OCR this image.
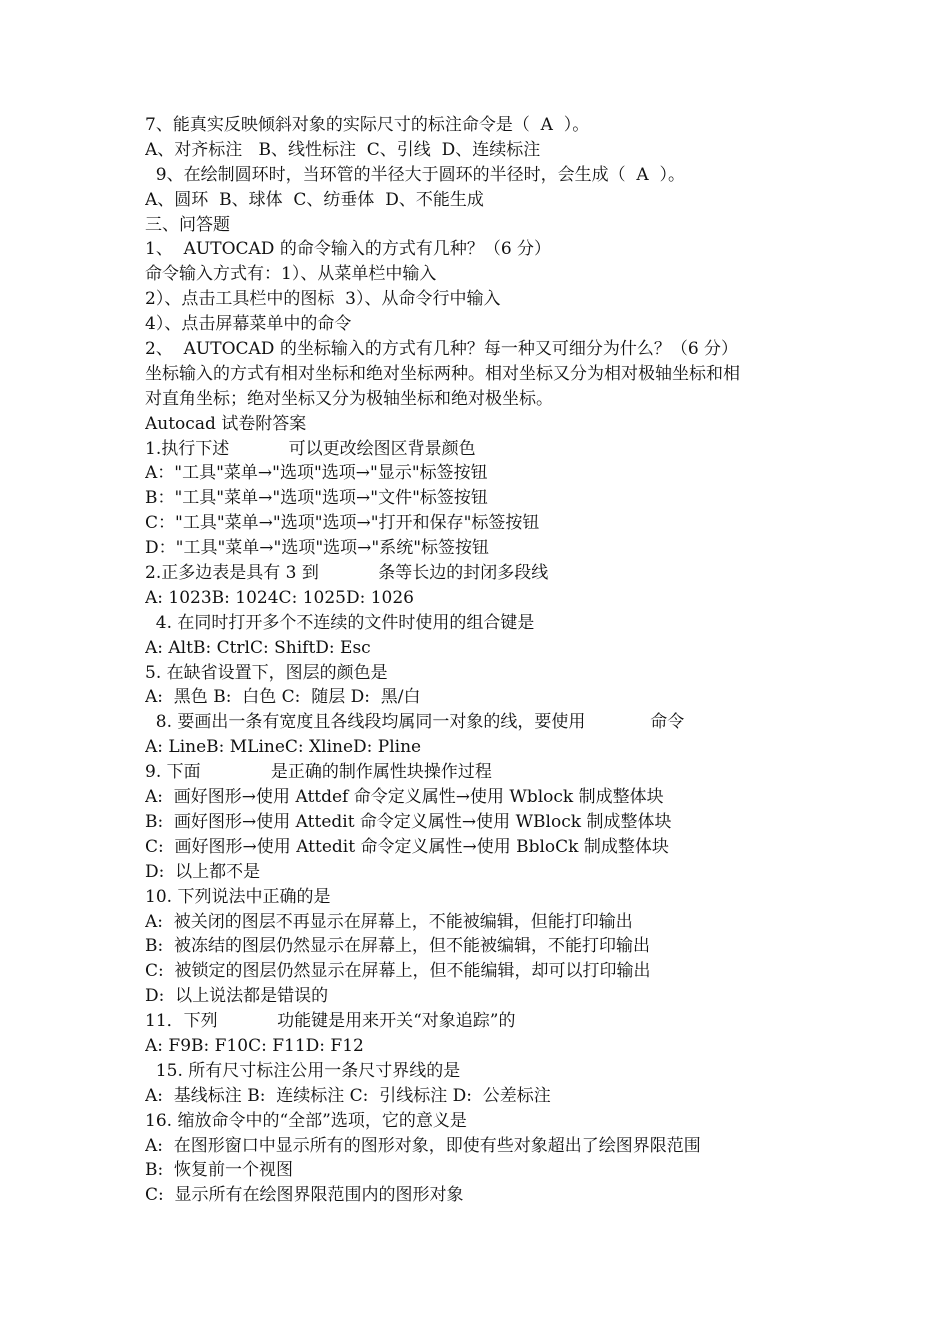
7、能真实反映倾斜对象的实际尺寸的标注命令是（  A  ）。
A、对齐标注   B、线性标注  C、引线  D、连续标注
9、在绘制圆环时，当环管的半径大于圆环的半径时，会生成（  A  ）。
A、圆环  B、球体  C、纺垂体  D、不能生成
三、问答题
1、  AUTOCAD 的命令输入的方式有几种？（6 分）
命令输入方式有：1）、从菜单栏中输入
2）、点击工具栏中的图标  3）、从命令行中输入
4）、点击屏幕菜单中的命令
2、  AUTOCAD 的坐标输入的方式有几种？每一种又可细分为什么？（6 分）
坐标输入的方式有相对坐标和绝对坐标两种。相对坐标又分为相对极轴坐标和相
对直角坐标；绝对坐标又分为极轴坐标和绝对极坐标。
Autocad 试卷附答案
1.执行下述           可以更改绘图区背景颜色
A："工具"菜单→"选项"选项→"显示"标签按钮
B："工具"菜单→"选项"选项→"文件"标签按钮
C："工具"菜单→"选项"选项→"打开和保存"标签按钮
D："工具"菜单→"选项"选项→"系统"标签按钮
2.正多边表是具有 3 到           条等长边的封闭多段线
A: 1023B: 1024C: 1025D: 1026
4. 在同时打开多个不连续的文件时使用的组合键是
A: AltB: CtrlC: ShiftD: Esc
5. 在缺省设置下，图层的颜色是
A:  黑色 B:  白色 C:  随层 D:  黑/白
8. 要画出一条有宽度且各线段均属同一对象的线，要使用            命令
A: LineB: MLineC: XlineD: Pline
9. 下面             是正确的制作属性块操作过程
A:  画好图形→使用 Attdef 命令定义属性→使用 Wblock 制成整体块
B:  画好图形→使用 Attedit 命令定义属性→使用 WBlock 制成整体块
C:  画好图形→使用 Attedit 命令定义属性→使用 BbloCk 制成整体块
D:  以上都不是
10. 下列说法中正确的是
A:  被关闭的图层不再显示在屏幕上，不能被编辑，但能打印输出
B:  被冻结的图层仍然显示在屏幕上，但不能被编辑，不能打印输出
C:  被锁定的图层仍然显示在屏幕上，但不能编辑，却可以打印输出
D:  以上说法都是错误的
11．下列           功能键是用来开关“对象追踪”的
A: F9B: F10C: F11D: F12
15. 所有尺寸标注公用一条尺寸界线的是
A:  基线标注 B:  连续标注 C:  引线标注 D:  公差标注
16. 缩放命令中的“全部”选项，它的意义是
A:  在图形窗口中显示所有的图形对象，即使有些对象超出了绘图界限范围
B:  恢复前一个视图
C:  显示所有在绘图界限范围内的图形对象
